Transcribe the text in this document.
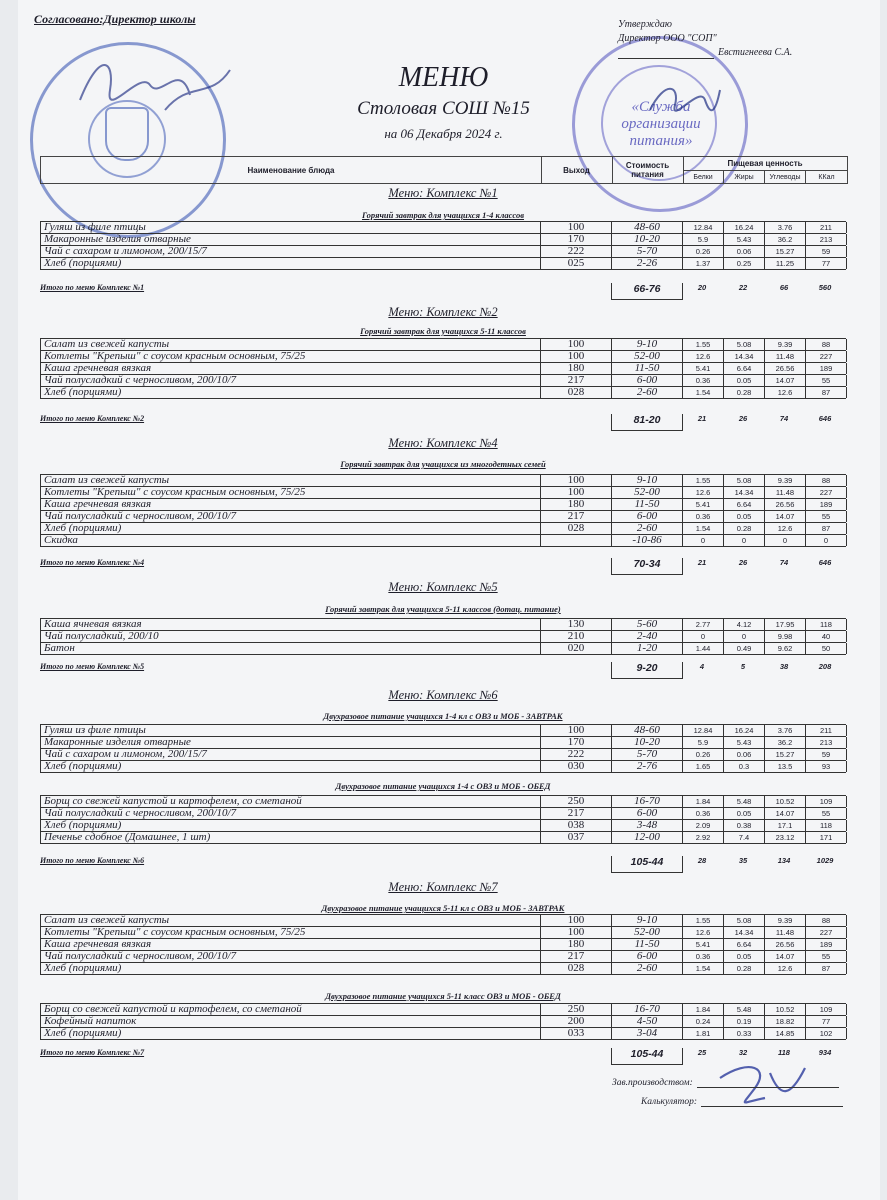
«Служба организации питания»
Согласовано:Директор школы	Утверждаю
Директор ООО "СОП"
Евстигнеева С.А.
МЕНЮ
Столовая СОШ №15
на 06 Декабря 2024 г.
Наименование блюда	Выход	Стоимость питания
Пищевая ценность
Белки	Жиры	Углеводы	ККал
Меню: Комплекс №1
Горячий завтрак для учащихся 1-4 классов
Гуляш из филе птицы	100	48-60	12.84	16.24	3.76	211
Макаронные изделия отварные	170	10-20	5.9	5.43	36.2	213
Чай с сахаром и лимоном, 200/15/7	222	5-70	0.26	0.06	15.27	59
Хлеб (порциями)	025	2-26	1.37	0.25	11.25	77
Итого по меню Комплекс №1	66-76	20	22	66	560
Меню: Комплекс №2
Горячий завтрак для учащихся 5-11 классов
Салат из свежей капусты	100	9-10	1.55	5.08	9.39	88
Котлеты "Крепыш" с соусом красным основным, 75/25	100	52-00	12.6	14.34	11.48	227
Каша гречневая вязкая	180	11-50	5.41	6.64	26.56	189
Чай полусладкий с черносливом, 200/10/7	217	6-00	0.36	0.05	14.07	55
Хлеб (порциями)	028	2-60	1.54	0.28	12.6	87
Итого по меню Комплекс №2	81-20	21	26	74	646
Меню: Комплекс №4
Горячий завтрак для учащихся из многодетных семей
Салат из свежей капусты	100	9-10	1.55	5.08	9.39	88
Котлеты "Крепыш" с соусом красным основным, 75/25	100	52-00	12.6	14.34	11.48	227
Каша гречневая вязкая	180	11-50	5.41	6.64	26.56	189
Чай полусладкий с черносливом, 200/10/7	217	6-00	0.36	0.05	14.07	55
Хлеб (порциями)	028	2-60	1.54	0.28	12.6	87
Скидка	-10-86	0	0	0	0
Итого по меню Комплекс №4	70-34	21	26	74	646
Меню: Комплекс №5
Горячий завтрак для учащихся 5-11 классов (дотац. питание)
Каша ячневая вязкая	130	5-60	2.77	4.12	17.95	118
Чай полусладкий, 200/10	210	2-40	0	0	9.98	40
Батон	020	1-20	1.44	0.49	9.62	50
Итого по меню Комплекс №5	9-20	4	5	38	208
Меню: Комплекс №6
Двухразовое питание учащихся 1-4 кл с ОВЗ и МОБ - ЗАВТРАК
Гуляш из филе птицы	100	48-60	12.84	16.24	3.76	211
Макаронные изделия отварные	170	10-20	5.9	5.43	36.2	213
Чай с сахаром и лимоном, 200/15/7	222	5-70	0.26	0.06	15.27	59
Хлеб (порциями)	030	2-76	1.65	0.3	13.5	93
Двухразовое питание учащихся 1-4 с ОВЗ и МОБ - ОБЕД
Борщ со свежей капустой и картофелем, со сметаной	250	16-70	1.84	5.48	10.52	109
Чай полусладкий с черносливом, 200/10/7	217	6-00	0.36	0.05	14.07	55
Хлеб (порциями)	038	3-48	2.09	0.38	17.1	118
Печенье сдобное (Домашнее, 1 шт)	037	12-00	2.92	7.4	23.12	171
Итого по меню Комплекс №6	105-44	28	35	134	1029
Меню: Комплекс №7
Двухразовое питание учащихся 5-11 кл с ОВЗ и МОБ - ЗАВТРАК
Салат из свежей капусты	100	9-10	1.55	5.08	9.39	88
Котлеты "Крепыш" с соусом красным основным, 75/25	100	52-00	12.6	14.34	11.48	227
Каша гречневая вязкая	180	11-50	5.41	6.64	26.56	189
Чай полусладкий с черносливом, 200/10/7	217	6-00	0.36	0.05	14.07	55
Хлеб (порциями)	028	2-60	1.54	0.28	12.6	87
Двухразовое питание учащихся 5-11 класс ОВЗ и МОБ - ОБЕД
Борщ со свежей капустой и картофелем, со сметаной	250	16-70	1.84	5.48	10.52	109
Кофейный напиток	200	4-50	0.24	0.19	18.82	77
Хлеб (порциями)	033	3-04	1.81	0.33	14.85	102
Итого по меню Комплекс №7	105-44	25	32	118	934
Зав.производством:
Калькулятор:
